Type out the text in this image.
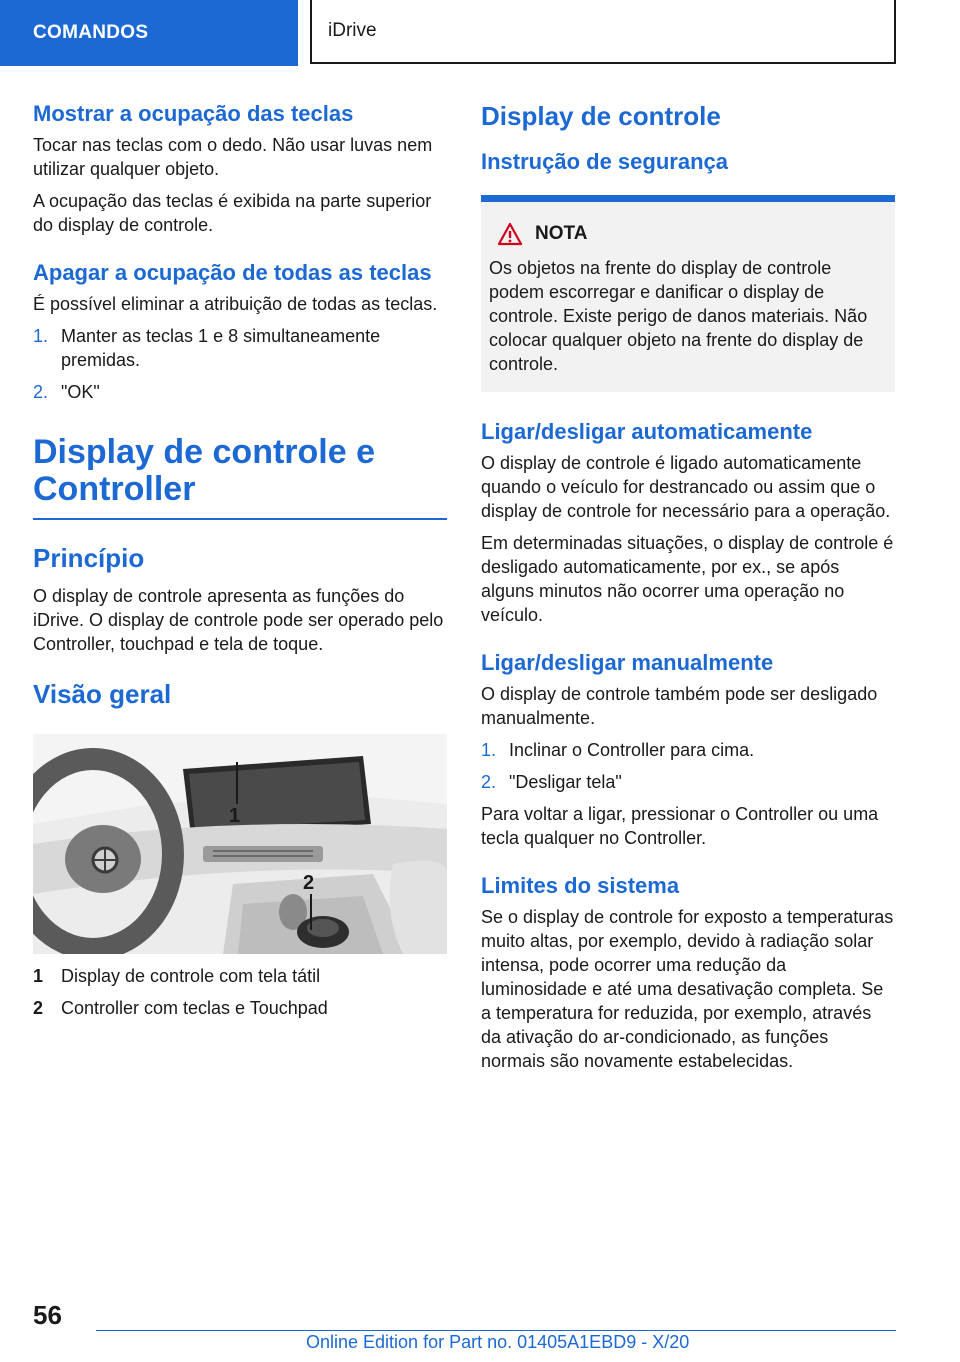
COMANDOS	iDrive
Mostrar a ocupação das teclas

Tocar nas teclas com o dedo. Não usar luvas nem utilizar qualquer objeto.

A ocupação das teclas é exibida na parte superior do display de controle.

Apagar a ocupação de todas as teclas

É possível eliminar a atribuição de todas as teclas.

1. Manter as teclas 1 e 8 simultaneamente premidas.
2. "OK"
Display de controle e Controller
Princípio

O display de controle apresenta as funções do iDrive. O display de controle pode ser operado pelo Controller, touchpad e tela de toque.

Visão geral
1
2
1 Display de controle com tela tátil
2 Controller com teclas e Touchpad
Display de controle
Instrução de segurança
NOTA

Os objetos na frente do display de controle podem escorregar e danificar o display de controle. Existe perigo de danos materiais. Não colocar qualquer objeto na frente do display de controle.

Ligar/desligar automaticamente

O display de controle é ligado automaticamente quando o veículo for destrancado ou assim que o display de controle for necessário para a operação.

Em determinadas situações, o display de controle é desligado automaticamente, por ex., se após alguns minutos não ocorrer uma operação no veículo.

Ligar/desligar manualmente

O display de controle também pode ser desligado manualmente.

1. Inclinar o Controller para cima.
2. "Desligar tela"

Para voltar a ligar, pressionar o Controller ou uma tecla qualquer no Controller.

Limites do sistema

Se o display de controle for exposto a temperaturas muito altas, por exemplo, devido à radiação solar intensa, pode ocorrer uma redução da luminosidade e até uma desativação completa. Se a temperatura for reduzida, por exemplo, através da ativação do ar-condicionado, as funções normais são novamente estabelecidas.

56
Online Edition for Part no. 01405A1EBD9 - X/20
